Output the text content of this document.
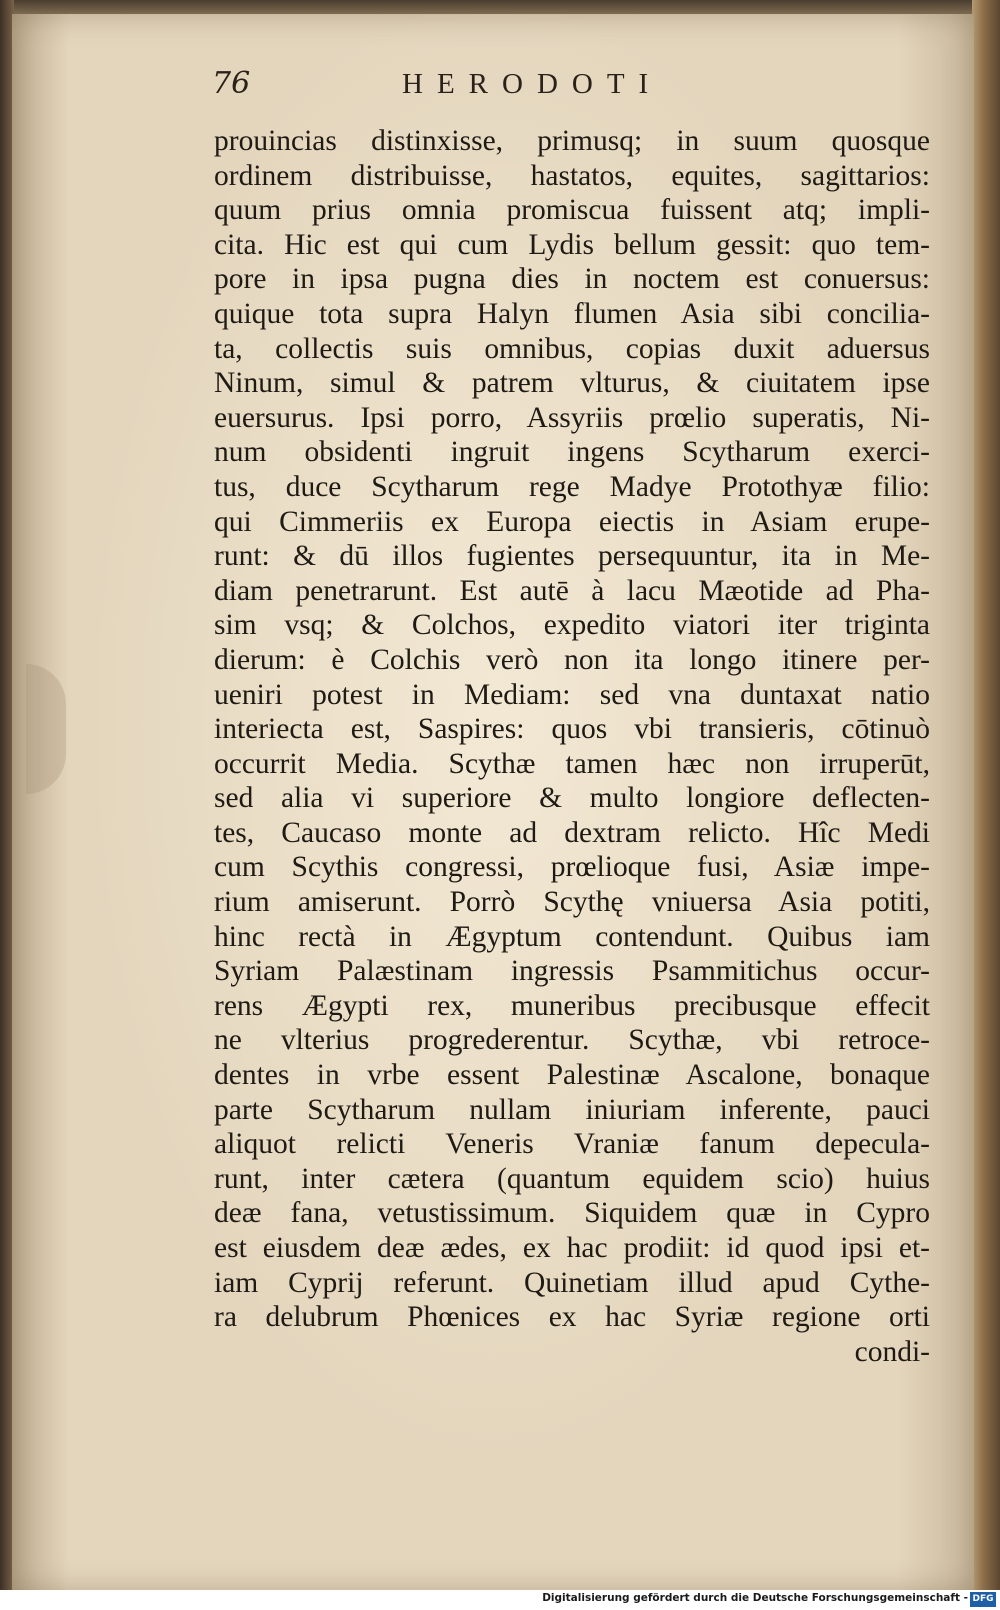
76	HERODOTI
prouincias distinxisse, primusq; in suum quosque
ordinem distribuisse, hastatos, equites, sagittarios:
quum prius omnia promiscua fuissent atq; impli-
cita. Hic est qui cum Lydis bellum gessit: quo tem-
pore in ipsa pugna dies in noctem est conuersus:
quique tota supra Halyn flumen Asia sibi concilia-
ta, collectis suis omnibus, copias duxit aduersus
Ninum, simul & patrem vlturus, & ciuitatem ipse
euersurus. Ipsi porro, Assyriis prœlio superatis, Ni-
num obsidenti ingruit ingens Scytharum exerci-
tus, duce Scytharum rege Madye Protothyæ filio:
qui Cimmeriis ex Europa eiectis in Asiam erupe-
runt: & dū illos fugientes persequuntur, ita in Me-
diam penetrarunt. Est autē à lacu Mæotide ad Pha-
sim vsq; & Colchos, expedito viatori iter triginta
dierum: è Colchis verò non ita longo itinere per-
ueniri potest in Mediam: sed vna duntaxat natio
interiecta est, Saspires: quos vbi transieris, cōtinuò
occurrit Media. Scythæ tamen hæc non irruperūt,
sed alia vi superiore & multo longiore deflecten-
tes, Caucaso monte ad dextram relicto. Hîc Medi
cum Scythis congressi, prœlioque fusi, Asiæ impe-
rium amiserunt. Porrò Scythę vniuersa Asia potiti,
hinc rectà in Ægyptum contendunt. Quibus iam
Syriam Palæstinam ingressis Psammitichus occur-
rens Ægypti rex, muneribus precibusque effecit
ne vlterius progrederentur. Scythæ, vbi retroce-
dentes in vrbe essent Palestinæ Ascalone, bonaque
parte Scytharum nullam iniuriam inferente, pauci
aliquot relicti Veneris Vraniæ fanum depecula-
runt, inter cætera (quantum equidem scio) huius
deæ fana, vetustissimum. Siquidem quæ in Cypro
est eiusdem deæ ædes, ex hac prodiit: id quod ipsi et-
iam Cyprij referunt. Quinetiam illud apud Cythe-
ra delubrum Phœnices ex hac Syriæ regione orti
condi-
Digitalisierung gefördert durch die Deutsche Forschungsgemeinschaft - DFG
